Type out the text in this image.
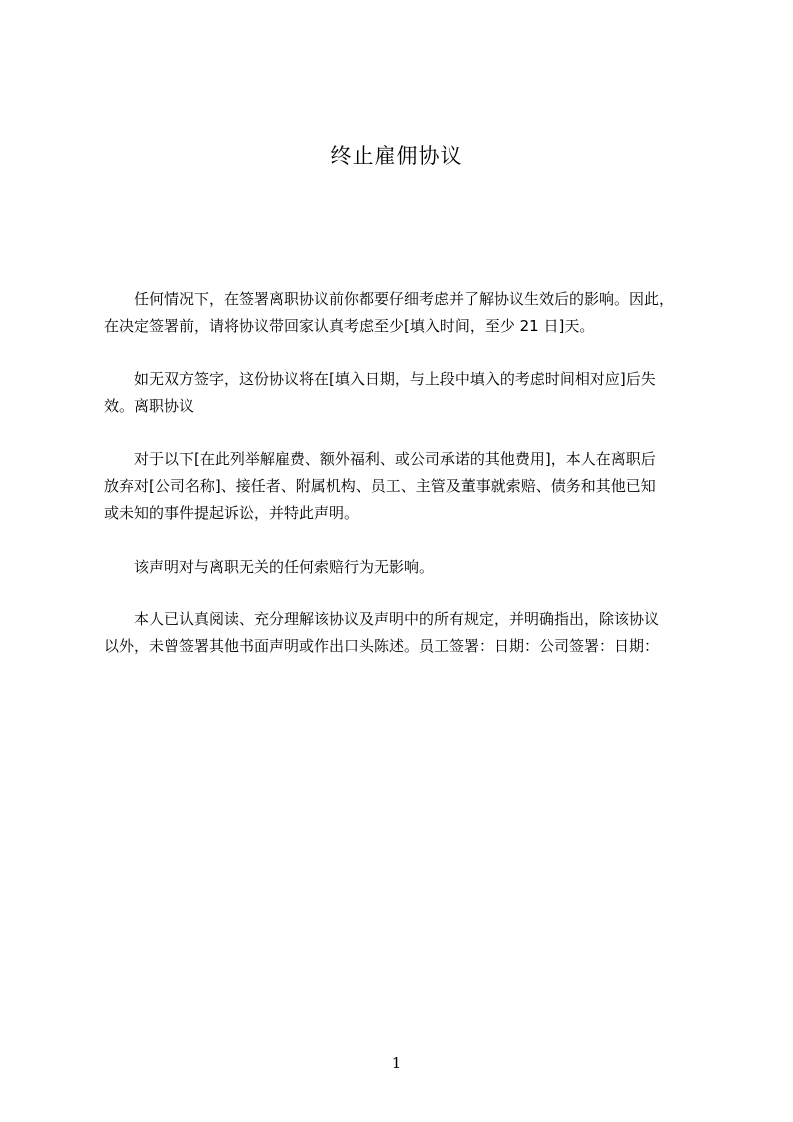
终止雇佣协议

　　任何情况下，在签署离职协议前你都要仔细考虑并了解协议生效后的影响。因此，
在决定签署前，请将协议带回家认真考虑至少[填入时间，至少 21 日]天。

　　如无双方签字，这份协议将在[填入日期，与上段中填入的考虑时间相对应]后失
效。离职协议

　　对于以下[在此列举解雇费、额外福利、或公司承诺的其他费用]，本人在离职后
放弃对[公司名称]、接任者、附属机构、员工、主管及董事就索赔、债务和其他已知
或未知的事件提起诉讼，并特此声明。

　　该声明对与离职无关的任何索赔行为无影响。

　　本人已认真阅读、充分理解该协议及声明中的所有规定，并明确指出，除该协议
以外，未曾签署其他书面声明或作出口头陈述。员工签署：日期：公司签署：日期：

1
